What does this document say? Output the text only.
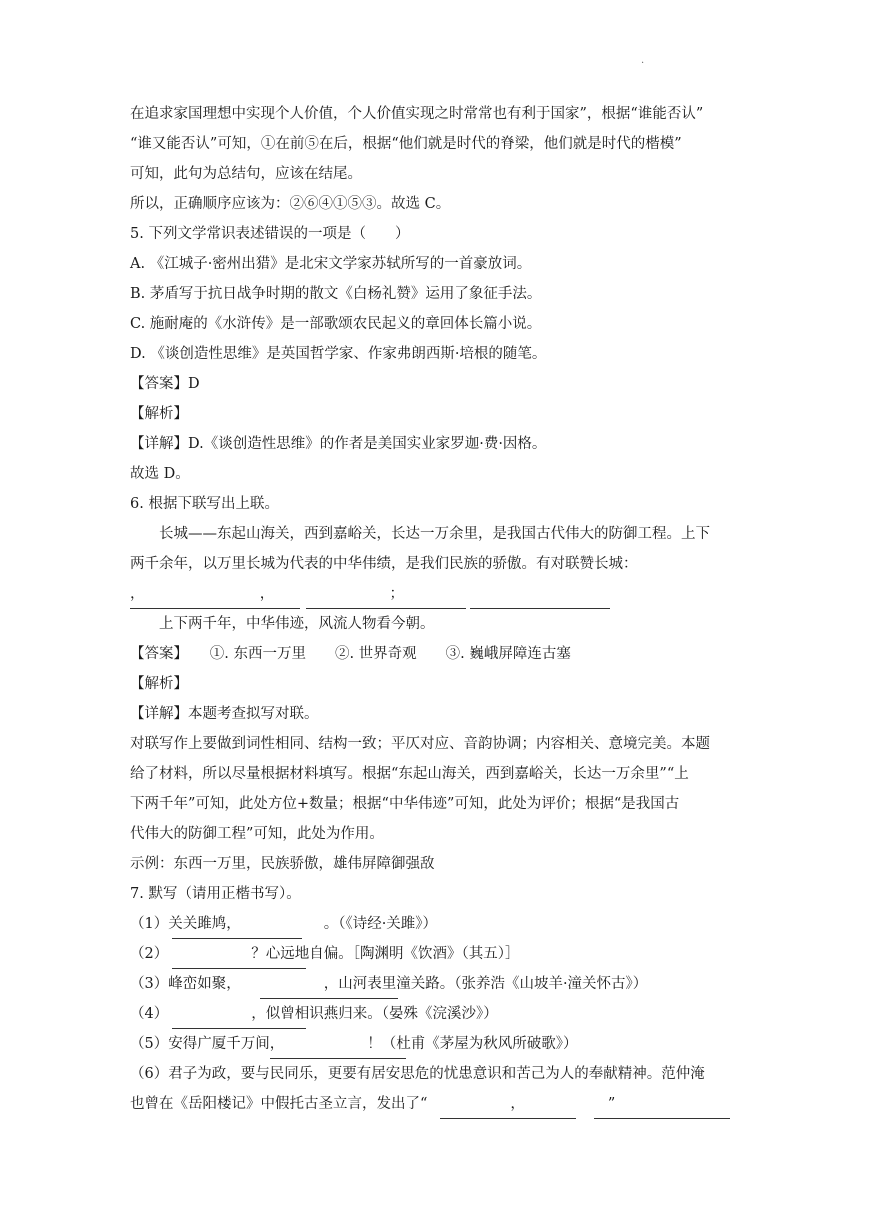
.
在追求家国理想中实现个人价值，个人价值实现之时常常也有利于国家”，根据“谁能否认”
“谁又能否认”可知，①在前⑤在后，根据“他们就是时代的脊梁，他们就是时代的楷模”
可知，此句为总结句，应该在结尾。
所以，正确顺序应该为：②⑥④①⑤③。故选 C。
5. 下列文学常识表述错误的一项是（　　）
A. 《江城子·密州出猎》是北宋文学家苏轼所写的一首豪放词。
B. 茅盾写于抗日战争时期的散文《白杨礼赞》运用了象征手法。
C. 施耐庵的《水浒传》是一部歌颂农民起义的章回体长篇小说。
D. 《谈创造性思维》是英国哲学家、作家弗朗西斯·培根的随笔。
【答案】D
【解析】
【详解】D.《谈创造性思维》的作者是美国实业家罗迦·费·因格。
故选 D。
6. 根据下联写出上联。
　　长城——东起山海关，西到嘉峪关，长达一万余里，是我国古代伟大的防御工程。上下
两千余年，以万里长城为代表的中华伟绩，是我们民族的骄傲。有对联赞长城：
，                         ，                         ；
　　上下两千年，中华伟迹，风流人物看今朝。
【答案】　　①. 东西一万里　　②. 世界奇观　　③. 巍峨屏障连古塞
【解析】
【详解】本题考查拟写对联。
对联写作上要做到词性相同、结构一致；平仄对应、音韵协调；内容相关、意境完美。本题
给了材料，所以尽量根据材料填写。根据“东起山海关，西到嘉峪关，长达一万余里”“上
下两千年”可知，此处方位+数量；根据“中华伟迹”可知，此处为评价；根据“是我国古
代伟大的防御工程”可知，此处为作用。
示例：东西一万里，民族骄傲，雄伟屏障御强敌
7. 默写（请用正楷书写）。
（1）关关雎鸠，                  。（《诗经·关雎》）
（2）                  ？心远地自偏。［陶渊明《饮酒》（其五）］
（3）峰峦如聚，                  ，山河表里潼关路。（张养浩《山坡羊·潼关怀古》）
（4）                  ，似曾相识燕归来。（晏殊《浣溪沙》）
（5）安得广厦千万间，                  ！（杜甫《茅屋为秋风所破歌》）
（6）君子为政，要与民同乐，更要有居安思危的忧患意识和苦己为人的奉献精神。范仲淹
也曾在《岳阳楼记》中假托古圣立言，发出了“                  ，                  ”
